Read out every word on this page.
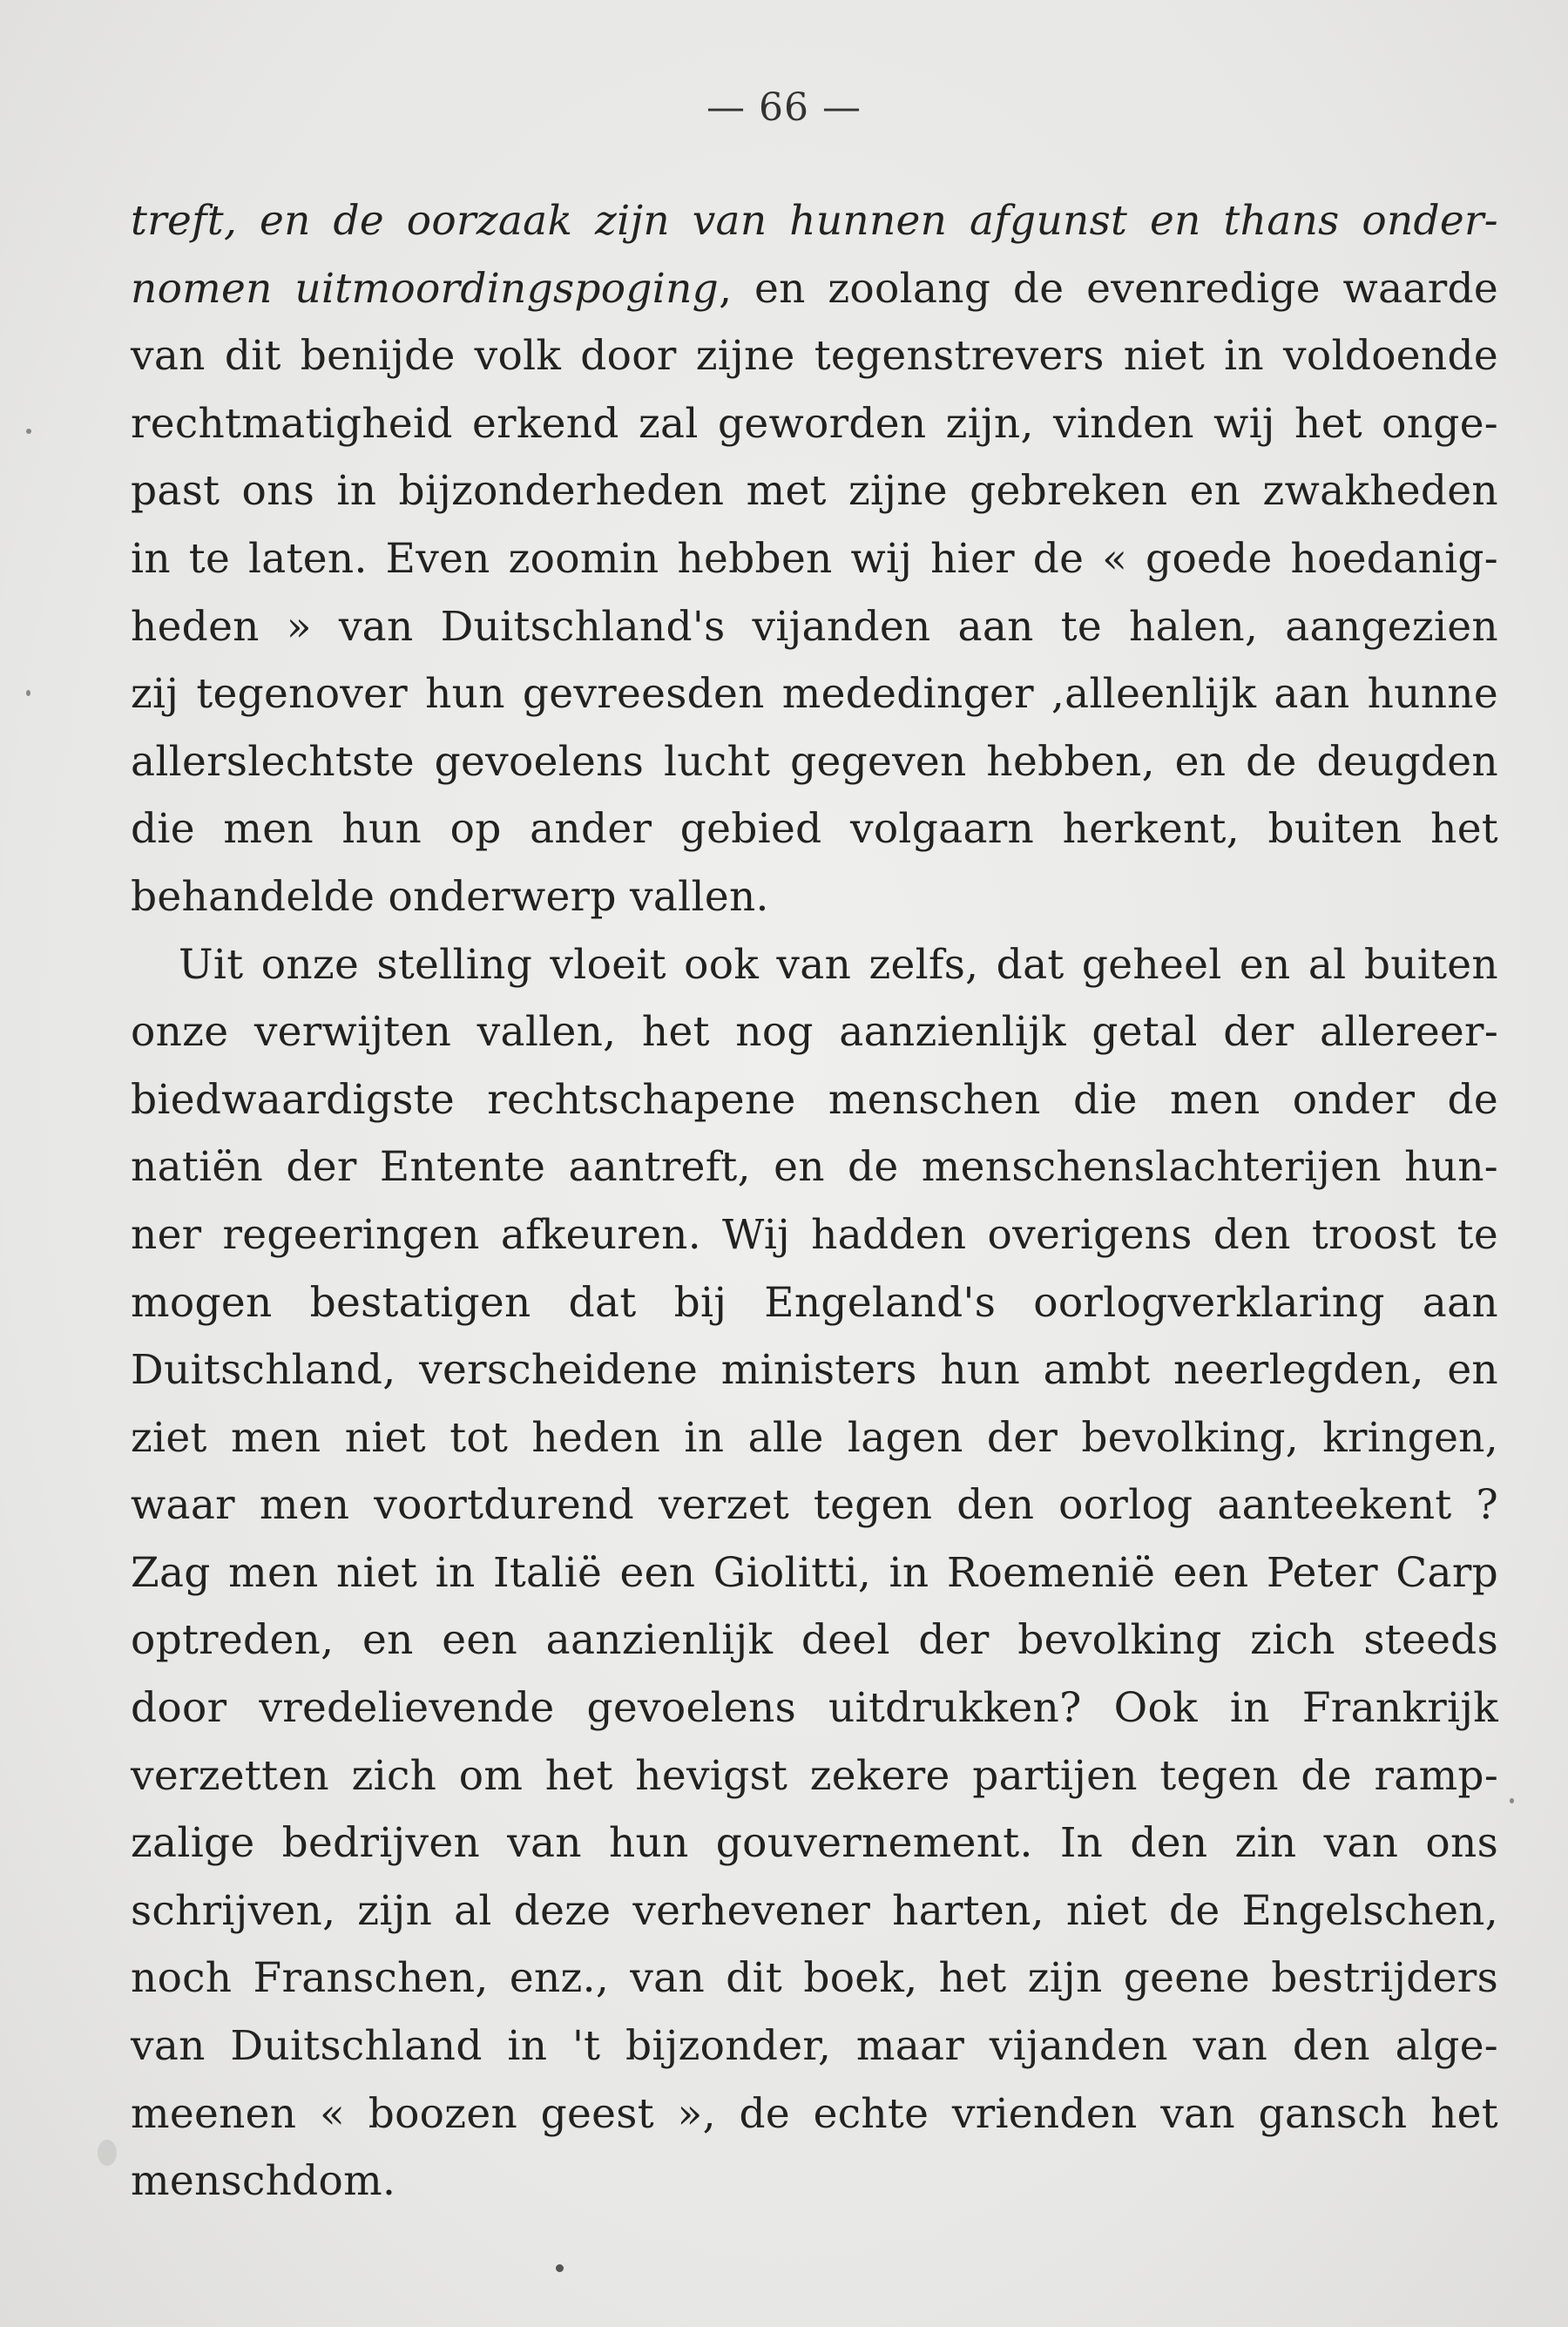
— 66 —
treft, en de oorzaak zijn van hunnen afgunst en thans onder-
nomen uitmoordingspoging, en zoolang de evenredige waarde
van dit benijde volk door zijne tegenstrevers niet in voldoende
rechtmatigheid erkend zal geworden zijn, vinden wij het onge-
past ons in bijzonderheden met zijne gebreken en zwakheden
in te laten. Even zoomin hebben wij hier de « goede hoedanig-
heden » van Duitschland's vijanden aan te halen, aangezien
zij tegenover hun gevreesden mededinger ,alleenlijk aan hunne
allerslechtste gevoelens lucht gegeven hebben, en de deugden
die men hun op ander gebied volgaarn herkent, buiten het
behandelde onderwerp vallen.
Uit onze stelling vloeit ook van zelfs, dat geheel en al buiten
onze verwijten vallen, het nog aanzienlijk getal der allereer-
biedwaardigste rechtschapene menschen die men onder de
natiën der Entente aantreft, en de menschenslachterijen hun-
ner regeeringen afkeuren. Wij hadden overigens den troost te
mogen bestatigen dat bij Engeland's oorlogverklaring aan
Duitschland, verscheidene ministers hun ambt neerlegden, en
ziet men niet tot heden in alle lagen der bevolking, kringen,
waar men voortdurend verzet tegen den oorlog aanteekent ?
Zag men niet in Italië een Giolitti, in Roemenië een Peter Carp
optreden, en een aanzienlijk deel der bevolking zich steeds
door vredelievende gevoelens uitdrukken? Ook in Frankrijk
verzetten zich om het hevigst zekere partijen tegen de ramp-
zalige bedrijven van hun gouvernement. In den zin van ons
schrijven, zijn al deze verhevener harten, niet de Engelschen,
noch Franschen, enz., van dit boek, het zijn geene bestrijders
van Duitschland in 't bijzonder, maar vijanden van den alge-
meenen « boozen geest », de echte vrienden van gansch het
menschdom.
